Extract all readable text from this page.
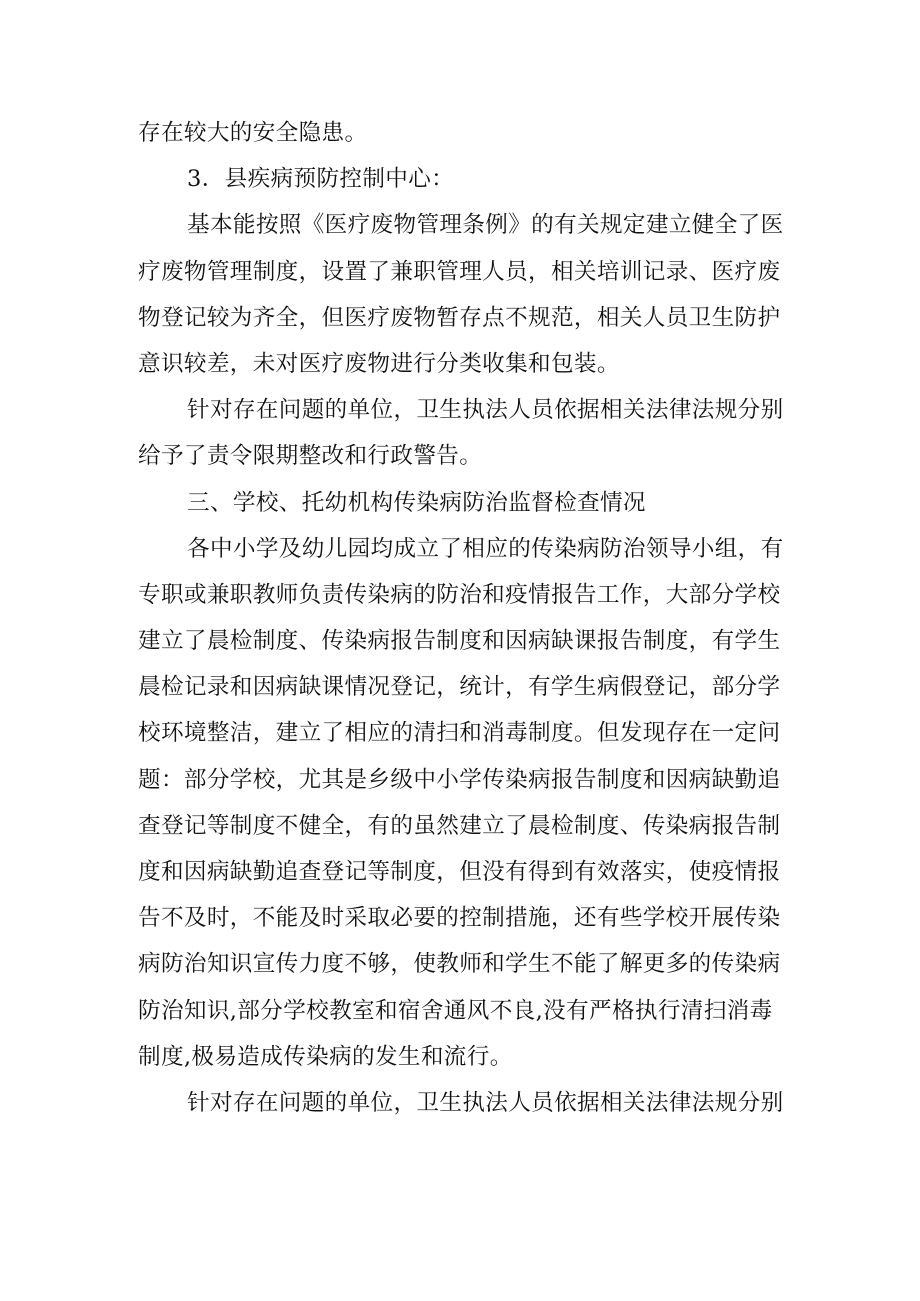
存在较大的安全隐患。
3．县疾病预防控制中心：
基本能按照《医疗废物管理条例》的有关规定建立健全了医
疗废物管理制度，设置了兼职管理人员，相关培训记录、医疗废
物登记较为齐全，但医疗废物暂存点不规范，相关人员卫生防护
意识较差，未对医疗废物进行分类收集和包装。
针对存在问题的单位，卫生执法人员依据相关法律法规分别
给予了责令限期整改和行政警告。
三、学校、托幼机构传染病防治监督检查情况
各中小学及幼儿园均成立了相应的传染病防治领导小组，有
专职或兼职教师负责传染病的防治和疫情报告工作，大部分学校
建立了晨检制度、传染病报告制度和因病缺课报告制度，有学生
晨检记录和因病缺课情况登记，统计，有学生病假登记，部分学
校环境整洁，建立了相应的清扫和消毒制度。但发现存在一定问
题：部分学校，尤其是乡级中小学传染病报告制度和因病缺勤追
查登记等制度不健全，有的虽然建立了晨检制度、传染病报告制
度和因病缺勤追查登记等制度，但没有得到有效落实，使疫情报
告不及时，不能及时采取必要的控制措施，还有些学校开展传染
病防治知识宣传力度不够，使教师和学生不能了解更多的传染病
防治知识,部分学校教室和宿舍通风不良,没有严格执行清扫消毒
制度,极易造成传染病的发生和流行。
针对存在问题的单位，卫生执法人员依据相关法律法规分别
